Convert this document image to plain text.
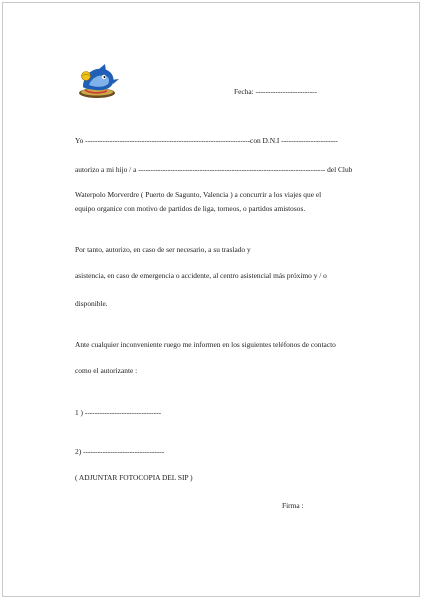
Fecha: -------------------------
Yo -------------------------------------------------------------------con D.N.I -----------------------
autorizo a mi hijo / a ---------------------------------------------------------------------------- del Club
Waterpolo Morverdre ( Puerto de Sagunto, Valencia ) a concurrir a los viajes que el
equipo organice con motivo de partidos de liga, torneos, o partidos amistosos.
Por tanto, autorizo, en caso de ser necesario, a su traslado y
asistencia, en caso de emergencia o accidente, al centro asistencial más próximo y / o
disponible.
Ante cualquier inconveniente ruego me informen en los siguientes teléfonos de contacto
como el autorizante :
1 ) -------------------------------
2) ---------------------------------
( ADJUNTAR FOTOCOPIA DEL SIP )
Firma :
